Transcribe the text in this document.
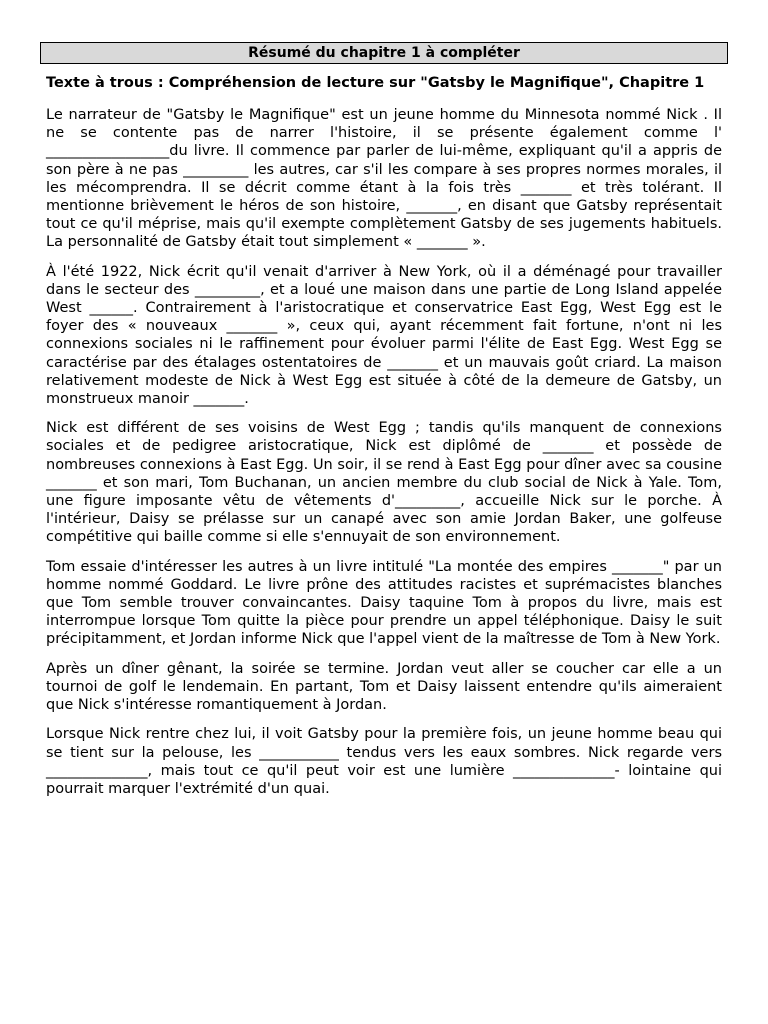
Résumé du chapitre 1 à compléter
Texte à trous : Compréhension de lecture sur "Gatsby le Magnifique", Chapitre 1

Le narrateur de "Gatsby le Magnifique" est un jeune homme du Minnesota nommé Nick . Il ne se contente pas de narrer l'histoire, il se présente également comme l' _________________du livre. Il commence par parler de lui-même, expliquant qu'il a appris de son père à ne pas _________ les autres, car s'il les compare à ses propres normes morales, il les mécomprendra. Il se décrit comme étant à la fois très _______ et très tolérant. Il mentionne brièvement le héros de son histoire, _______, en disant que Gatsby représentait tout ce qu'il méprise, mais qu'il exempte complètement Gatsby de ses jugements habituels. La personnalité de Gatsby était tout simplement « _______ ».

À l'été 1922, Nick écrit qu'il venait d'arriver à New York, où il a déménagé pour travailler dans le secteur des _________, et a loué une maison dans une partie de Long Island appelée West ______. Contrairement à l'aristocratique et conservatrice East Egg, West Egg est le foyer des « nouveaux _______ », ceux qui, ayant récemment fait fortune, n'ont ni les connexions sociales ni le raffinement pour évoluer parmi l'élite de East Egg. West Egg se caractérise par des étalages ostentatoires de _______ et un mauvais goût criard. La maison relativement modeste de Nick à West Egg est située à côté de la demeure de Gatsby, un monstrueux manoir _______.

Nick est différent de ses voisins de West Egg ; tandis qu'ils manquent de connexions sociales et de pedigree aristocratique, Nick est diplômé de _______ et possède de nombreuses connexions à East Egg. Un soir, il se rend à East Egg pour dîner avec sa cousine _______ et son mari, Tom Buchanan, un ancien membre du club social de Nick à Yale. Tom, une figure imposante vêtu de vêtements d'_________, accueille Nick sur le porche. À l'intérieur, Daisy se prélasse sur un canapé avec son amie Jordan Baker, une golfeuse compétitive qui baille comme si elle s'ennuyait de son environnement.

Tom essaie d'intéresser les autres à un livre intitulé "La montée des empires _______" par un homme nommé Goddard. Le livre prône des attitudes racistes et suprémacistes blanches que Tom semble trouver convaincantes. Daisy taquine Tom à propos du livre, mais est interrompue lorsque Tom quitte la pièce pour prendre un appel téléphonique. Daisy le suit précipitamment, et Jordan informe Nick que l'appel vient de la maîtresse de Tom à New York.

Après un dîner gênant, la soirée se termine. Jordan veut aller se coucher car elle a un tournoi de golf le lendemain. En partant, Tom et Daisy laissent entendre qu'ils aimeraient que Nick s'intéresse romantiquement à Jordan.

Lorsque Nick rentre chez lui, il voit Gatsby pour la première fois, un jeune homme beau qui se tient sur la pelouse, les ___________ tendus vers les eaux sombres. Nick regarde vers ______________, mais tout ce qu'il peut voir est une lumière ______________- lointaine qui pourrait marquer l'extrémité d'un quai.
